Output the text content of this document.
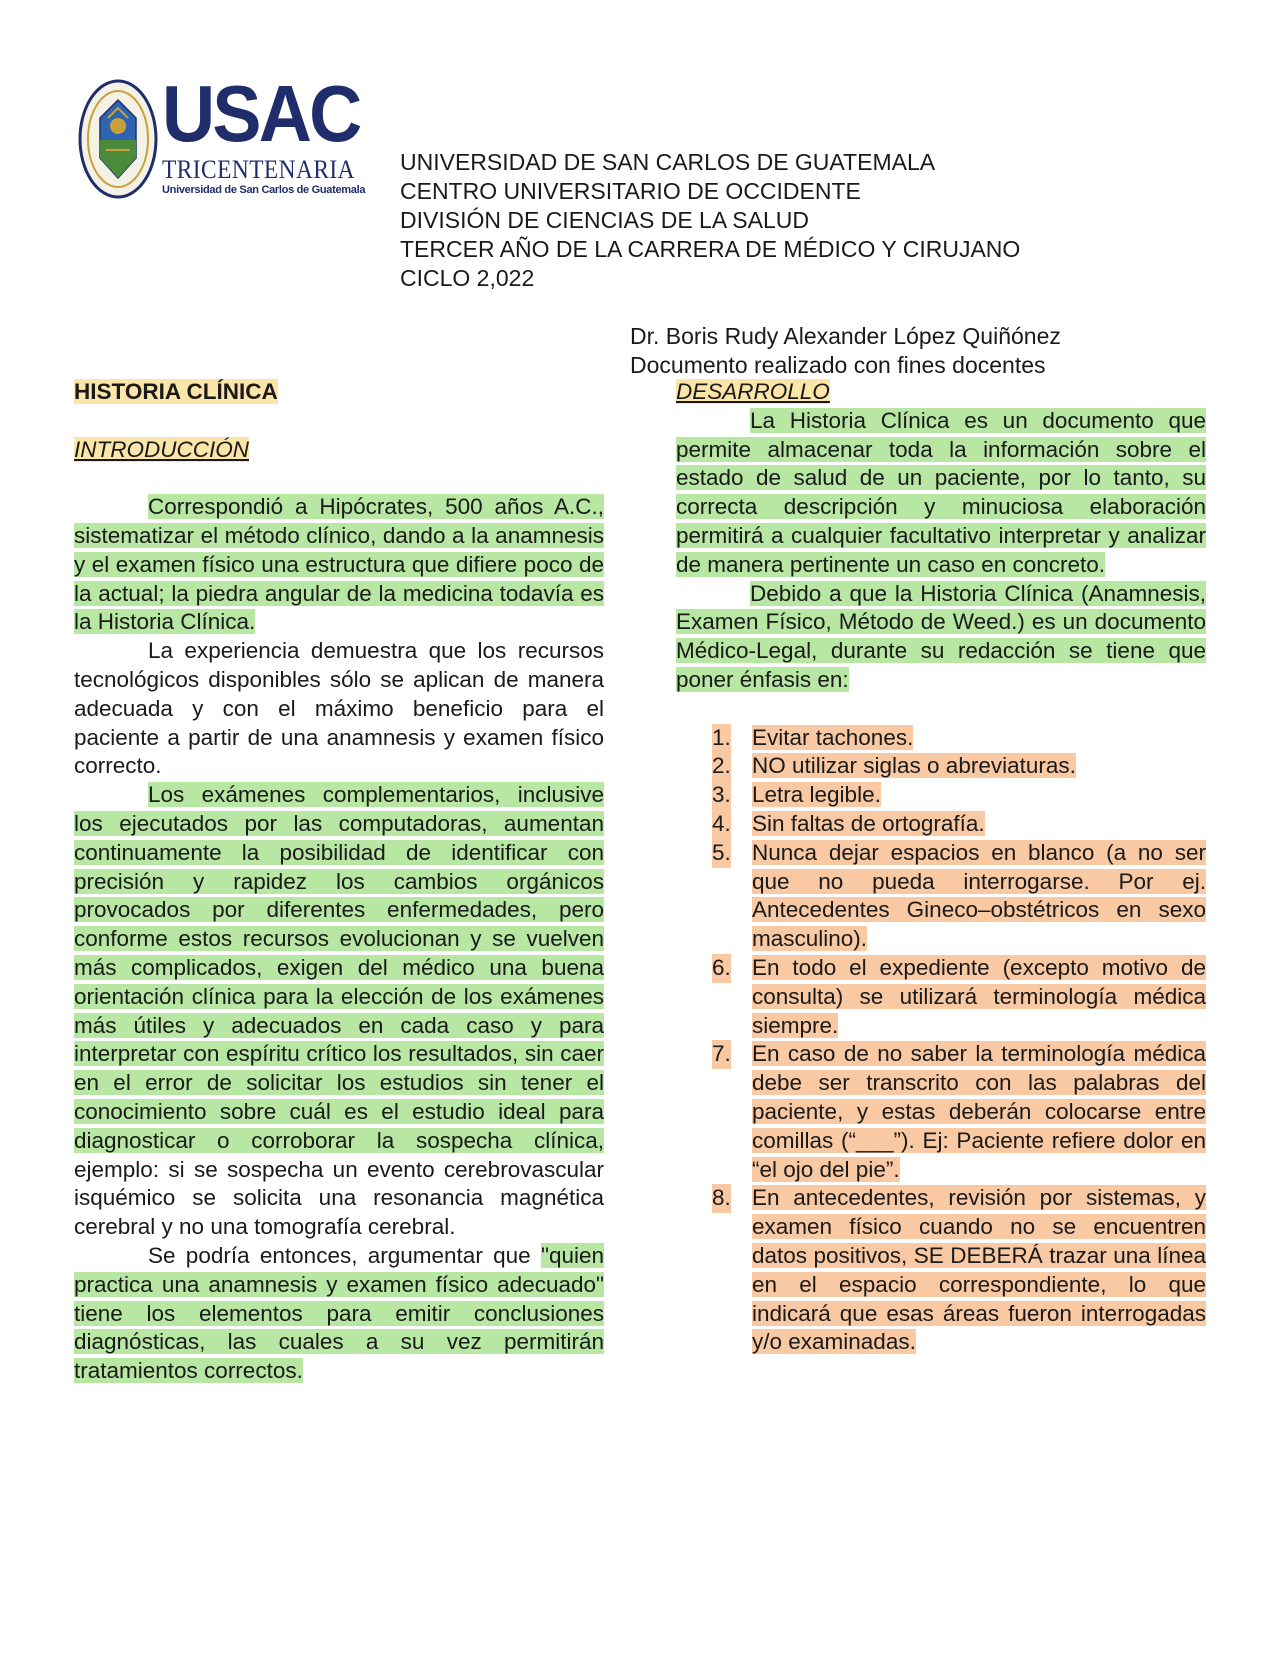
USAC
TRICENTENARIA
Universidad de San Carlos de Guatemala
UNIVERSIDAD DE SAN CARLOS DE GUATEMALA
CENTRO UNIVERSITARIO DE OCCIDENTE
DIVISIÓN DE CIENCIAS DE LA SALUD
TERCER AÑO DE LA CARRERA DE MÉDICO Y CIRUJANO
CICLO 2,022
Dr. Boris Rudy Alexander López Quiñónez
Documento realizado con fines docentes

HISTORIA CLÍNICA

INTRODUCCIÓN

Correspondió a Hipócrates, 500 años A.C., sistematizar el método clínico, dando a la anamnesis y el examen físico una estructura que difiere poco de la actual; la piedra angular de la medicina todavía es la Historia Clínica.

La experiencia demuestra que los recursos tecnológicos disponibles sólo se aplican de manera adecuada y con el máximo beneficio para el paciente a partir de una anamnesis y examen físico correcto.

Los exámenes complementarios, inclusive los ejecutados por las computadoras, aumentan continuamente la posibilidad de identificar con precisión y rapidez los cambios orgánicos provocados por diferentes enfermedades, pero conforme estos recursos evolucionan y se vuelven más complicados, exigen del médico una buena orientación clínica para la elección de los exámenes más útiles y adecuados en cada caso y para interpretar con espíritu crítico los resultados, sin caer en el error de solicitar los estudios sin tener el conocimiento sobre cuál es el estudio ideal para diagnosticar o corroborar la sospecha clínica, ejemplo: si se sospecha un evento cerebrovascular isquémico se solicita una resonancia magnética cerebral y no una tomografía cerebral.

Se podría entonces, argumentar que "quien practica una anamnesis y examen físico adecuado" tiene los elementos para emitir conclusiones diagnósticas, las cuales a su vez permitirán tratamientos correctos.

DESARROLLO

La Historia Clínica es un documento que permite almacenar toda la información sobre el estado de salud de un paciente, por lo tanto, su correcta descripción y minuciosa elaboración permitirá a cualquier facultativo interpretar y analizar de manera pertinente un caso en concreto.

Debido a que la Historia Clínica (Anamnesis, Examen Físico, Método de Weed.) es un documento Médico-Legal, durante su redacción se tiene que poner énfasis en:

1. Evitar tachones.
2. NO utilizar siglas o abreviaturas.
3. Letra legible.
4. Sin faltas de ortografía.
5. Nunca dejar espacios en blanco (a no ser que no pueda interrogarse. Por ej. Antecedentes Gineco–obstétricos en sexo masculino).
6. En todo el expediente (excepto motivo de consulta) se utilizará terminología médica siempre.
7. En caso de no saber la terminología médica debe ser transcrito con las palabras del paciente, y estas deberán colocarse entre comillas (“___”). Ej: Paciente refiere dolor en “el ojo del pie”.
8. En antecedentes, revisión por sistemas, y examen físico cuando no se encuentren datos positivos, SE DEBERÁ trazar una línea en el espacio correspondiente, lo que indicará que esas áreas fueron interrogadas y/o examinadas.
